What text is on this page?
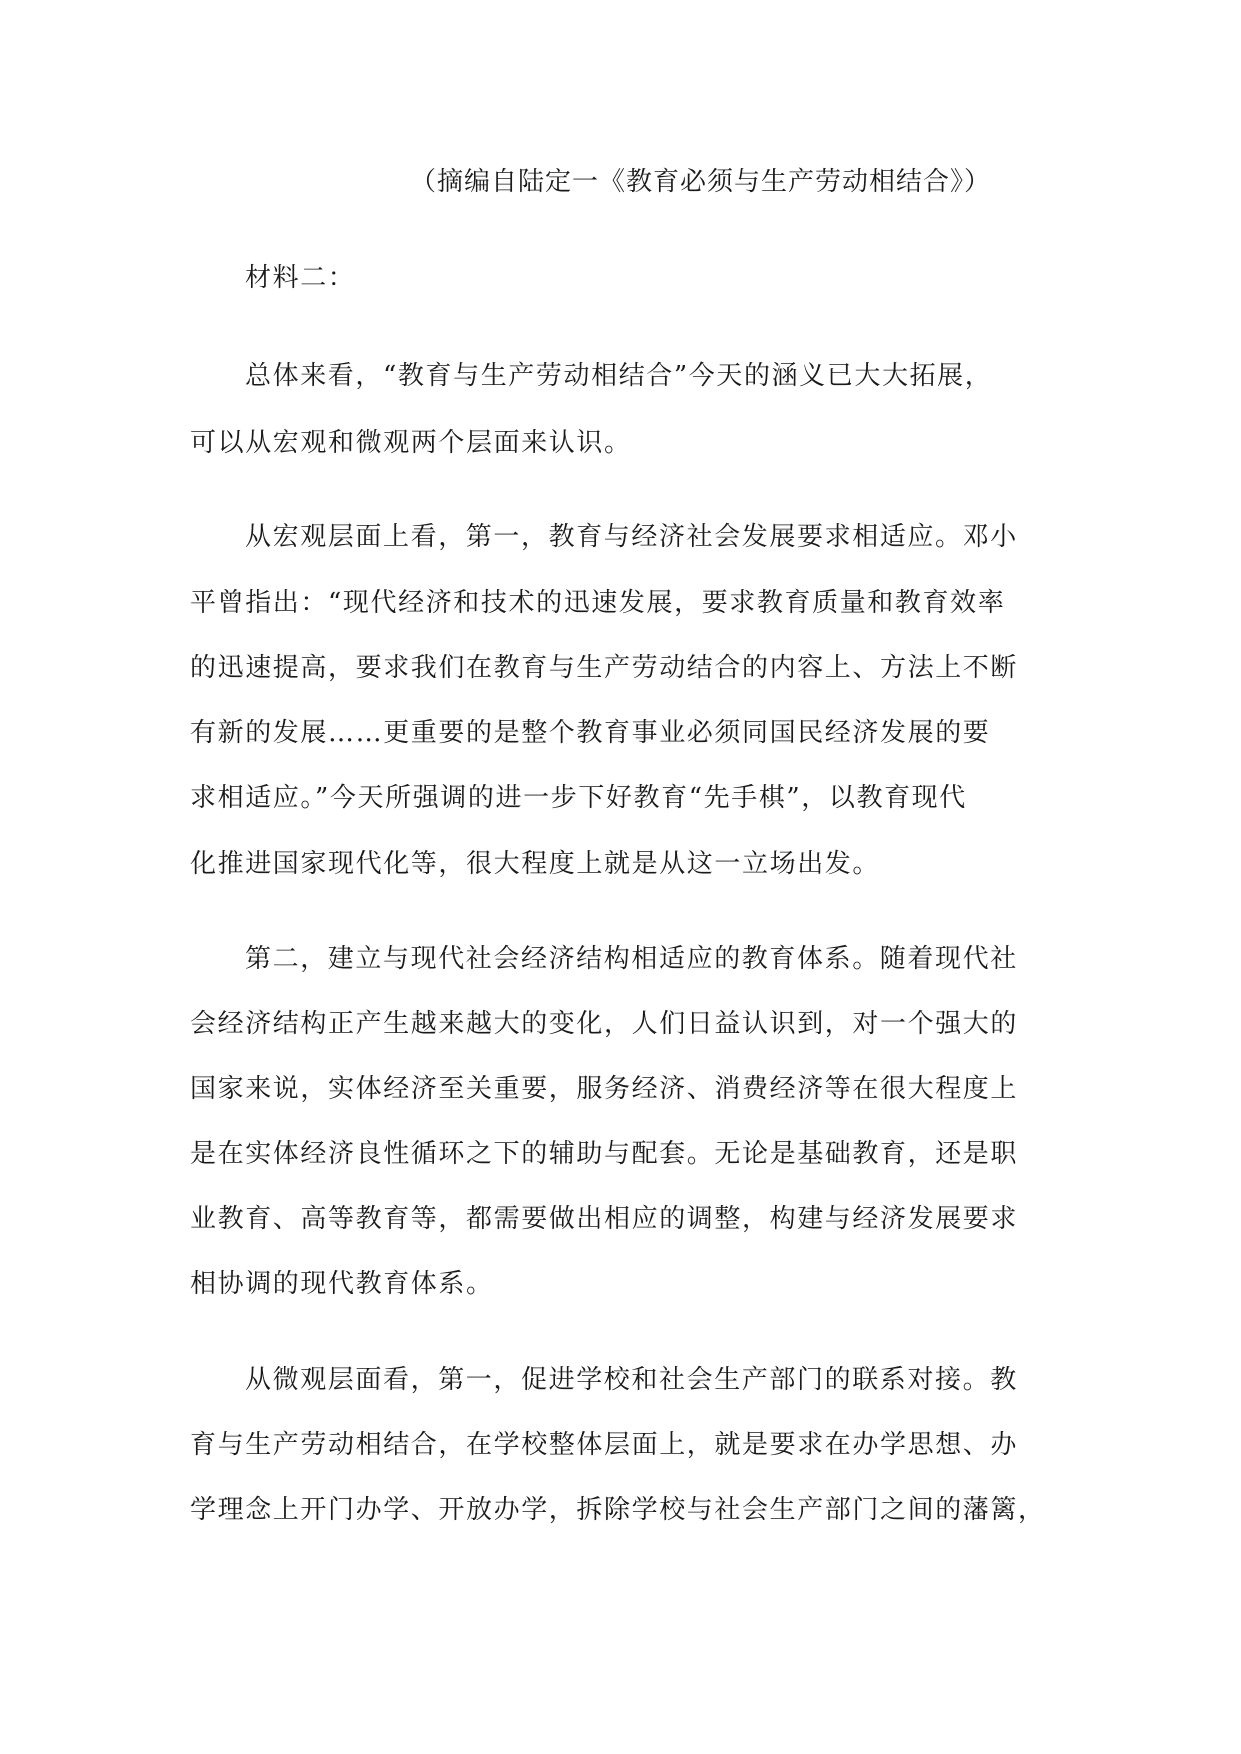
（摘编自陆定一《教育必须与生产劳动相结合》）
材料二：
总体来看，“教育与生产劳动相结合”今天的涵义已大大拓展，
可以从宏观和微观两个层面来认识。
从宏观层面上看，第一，教育与经济社会发展要求相适应。邓小
平曾指出：“现代经济和技术的迅速发展，要求教育质量和教育效率
的迅速提高，要求我们在教育与生产劳动结合的内容上、方法上不断
有新的发展……更重要的是整个教育事业必须同国民经济发展的要
求相适应。”今天所强调的进一步下好教育“先手棋”，以教育现代
化推进国家现代化等，很大程度上就是从这一立场出发。
第二，建立与现代社会经济结构相适应的教育体系。随着现代社
会经济结构正产生越来越大的变化，人们日益认识到，对一个强大的
国家来说，实体经济至关重要，服务经济、消费经济等在很大程度上
是在实体经济良性循环之下的辅助与配套。无论是基础教育，还是职
业教育、高等教育等，都需要做出相应的调整，构建与经济发展要求
相协调的现代教育体系。
从微观层面看，第一，促进学校和社会生产部门的联系对接。教
育与生产劳动相结合，在学校整体层面上，就是要求在办学思想、办
学理念上开门办学、开放办学，拆除学校与社会生产部门之间的藩篱，
